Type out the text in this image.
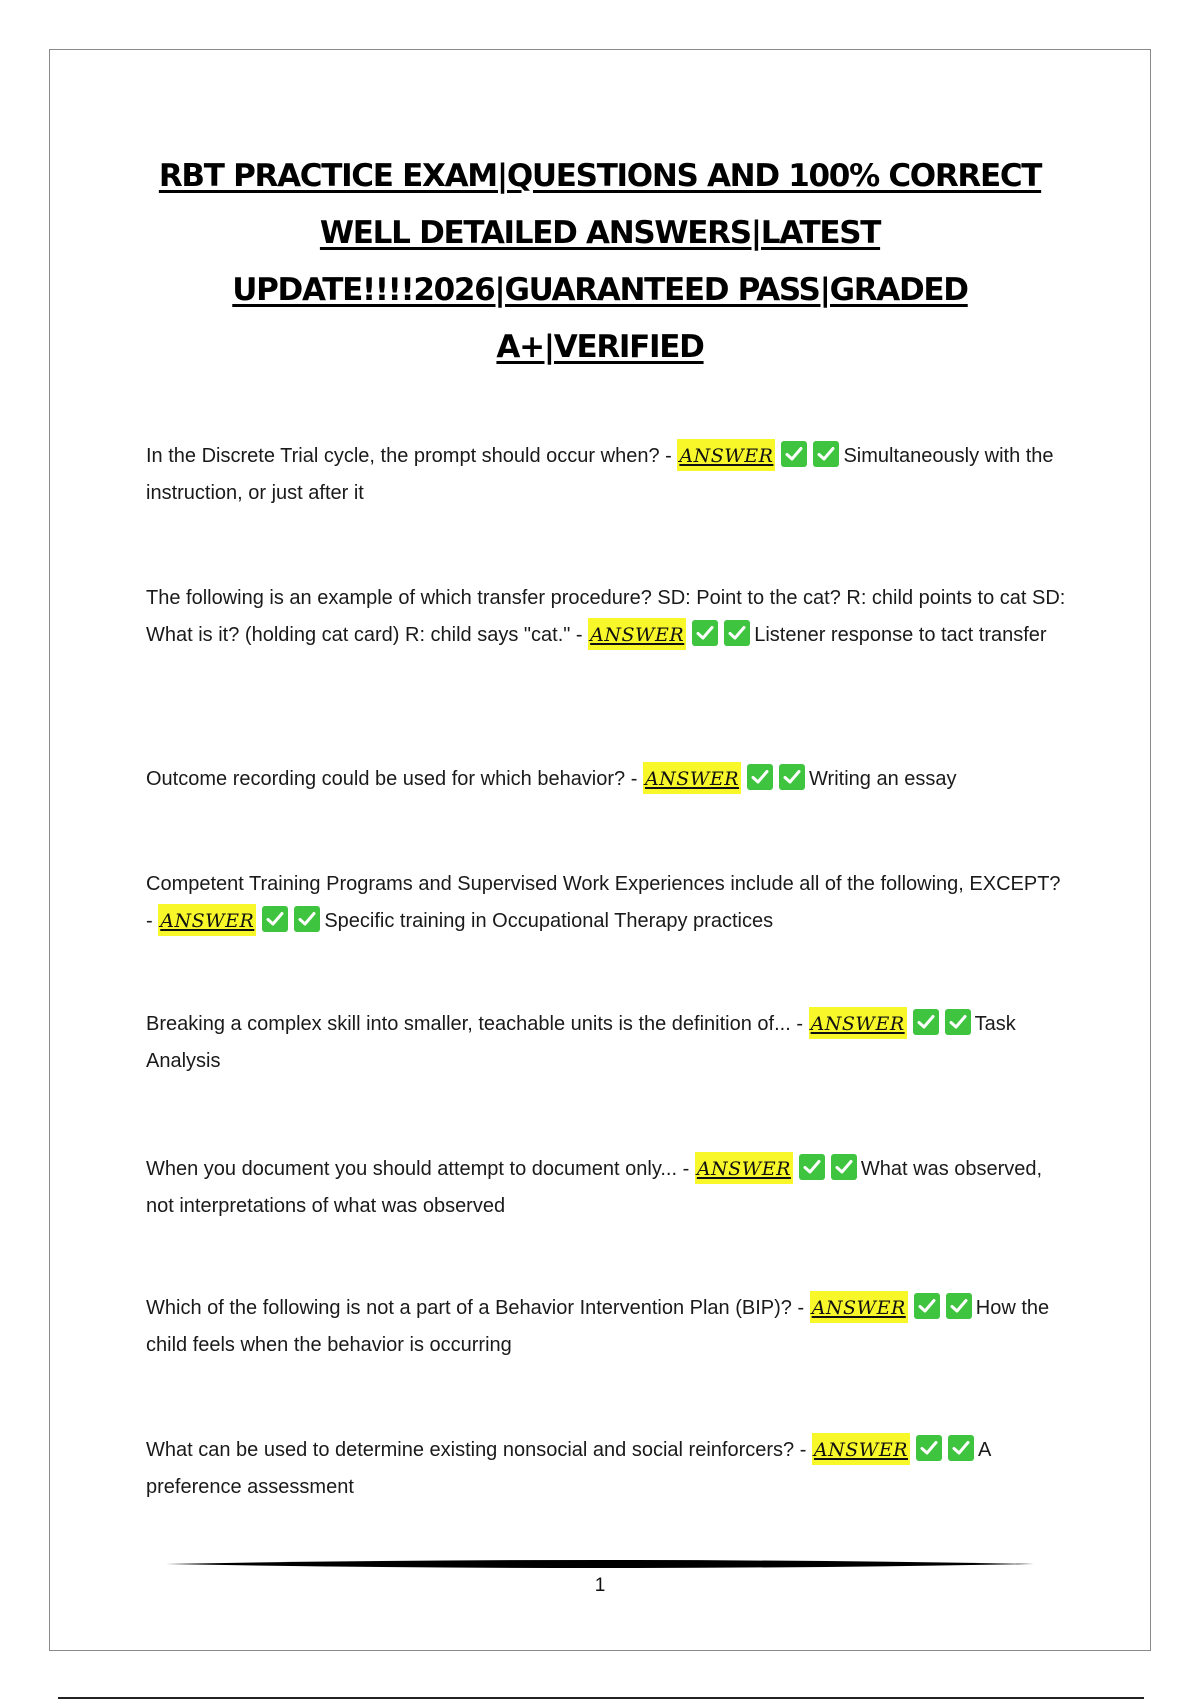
RBT PRACTICE EXAM|QUESTIONS AND 100% CORRECT WELL DETAILED ANSWERS|LATEST UPDATE!!!!2026|GUARANTEED PASS|GRADED A+|VERIFIED

In the Discrete Trial cycle, the prompt should occur when? - ANSWER	Simultaneously with the instruction, or just after it

The following is an example of which transfer procedure? SD: Point to the cat? R: child points to cat SD: What is it? (holding cat card) R: child says "cat." - ANSWER	Listener response to tact transfer

Outcome recording could be used for which behavior? - ANSWER	Writing an essay

Competent Training Programs and Supervised Work Experiences include all of the following, EXCEPT? - ANSWER	Specific training in Occupational Therapy practices

Breaking a complex skill into smaller, teachable units is the definition of... - ANSWER	Task Analysis

When you document you should attempt to document only... - ANSWER	What was observed, not interpretations of what was observed

Which of the following is not a part of a Behavior Intervention Plan (BIP)? - ANSWER	How the child feels when the behavior is occurring

What can be used to determine existing nonsocial and social reinforcers? - ANSWER	A preference assessment

1
